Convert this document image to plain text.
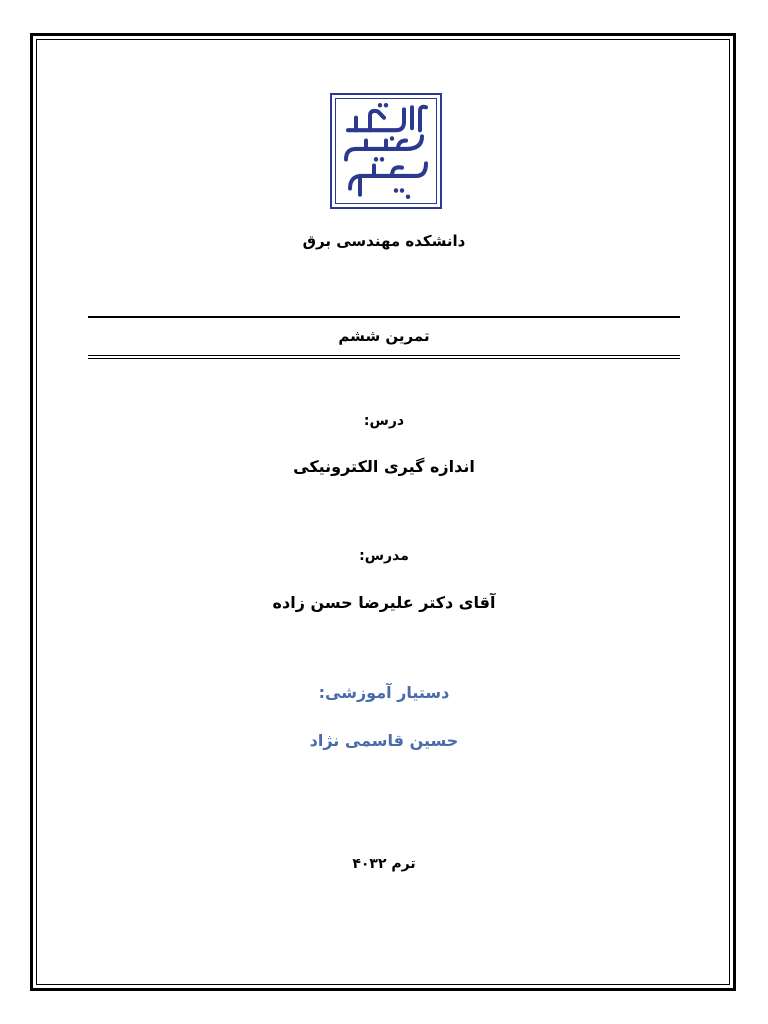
دانشکده مهندسی برق
تمرین ششم
درس:
اندازه گیری الکترونیکی
مدرس:
آقای دکتر علیرضا حسن زاده
دستیار آموزشی:
حسین قاسمی نژاد
ترم ۴۰۳۲
